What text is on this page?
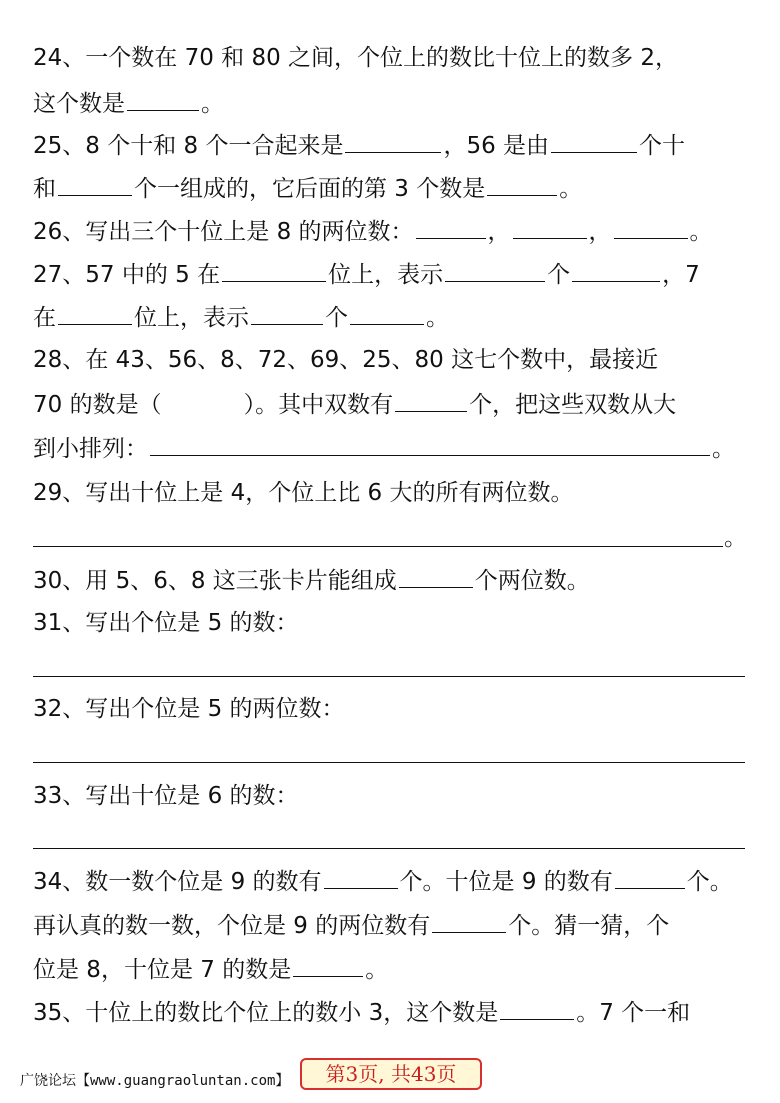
24、一个数在 70 和 80 之间，个位上的数比十位上的数多 2，
这个数是	。
25、8 个十和 8 个一合起来是	，56 是由	个十
和	个一组成的，它后面的第 3 个数是	。
26、写出三个十位上是 8 的两位数：	，	，	。
27、57 中的 5 在	位上，表示	个	，7
在	位上，表示	个	。
28、在 43、56、8、72、69、25、80 这七个数中，最接近
70 的数是（	）。其中双数有	个，把这些双数从大
到小排列：	。
29、写出十位上是 4，个位上比 6 大的所有两位数。
。
30、用 5、6、8 这三张卡片能组成	个两位数。
31、写出个位是 5 的数：
32、写出个位是 5 的两位数：
33、写出十位是 6 的数：
34、数一数个位是 9 的数有	个。十位是 9 的数有	个。
再认真的数一数，个位是 9 的两位数有	个。猜一猜，个
位是 8，十位是 7 的数是	。
35、十位上的数比个位上的数小 3，这个数是	。7 个一和
广饶论坛【www.guangraoluntan.com】	第3页, 共43页
